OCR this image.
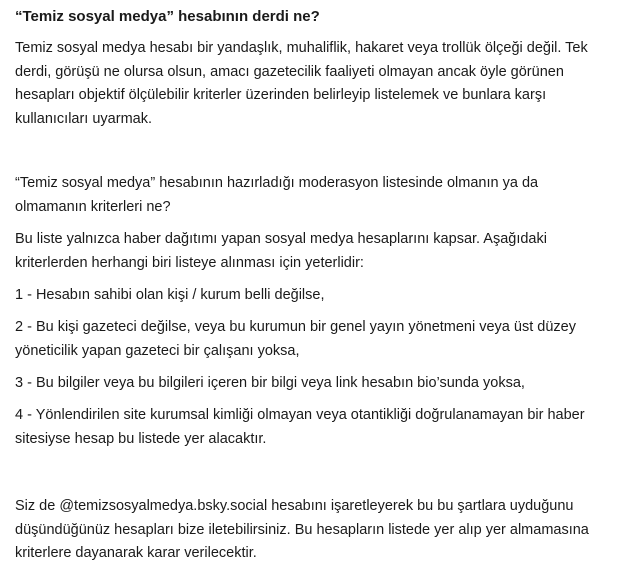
“Temiz sosyal medya” hesabının derdi ne?

Temiz sosyal medya hesabı bir yandaşlık, muhaliflik, hakaret veya trollük ölçeği değil. Tek
derdi, görüşü ne olursa olsun, amacı gazetecilik faaliyeti olmayan ancak öyle görünen
hesapları objektif ölçülebilir kriterler üzerinden belirleyip listelemek ve bunlara karşı
kullanıcıları uyarmak.

“Temiz sosyal medya” hesabının hazırladığı moderasyon listesinde olmanın ya da
olmamanın kriterleri ne?

Bu liste yalnızca haber dağıtımı yapan sosyal medya hesaplarını kapsar. Aşağıdaki
kriterlerden herhangi biri listeye alınması için yeterlidir:

1 - Hesabın sahibi olan kişi / kurum belli değilse,

2 - Bu kişi gazeteci değilse, veya bu kurumun bir genel yayın yönetmeni veya üst düzey
yöneticilik yapan gazeteci bir çalışanı yoksa,

3 - Bu bilgiler veya bu bilgileri içeren bir bilgi veya link hesabın bio’sunda yoksa,

4 - Yönlendirilen site kurumsal kimliği olmayan veya otantikliği doğrulanamayan bir haber
sitesiyse hesap bu listede yer alacaktır.

Siz de @temizsosyalmedya.bsky.social hesabını işaretleyerek bu bu şartlara uyduğunu
düşündüğünüz hesapları bize iletebilirsiniz. Bu hesapların listede yer alıp yer almamasına
kriterlere dayanarak karar verilecektir.
